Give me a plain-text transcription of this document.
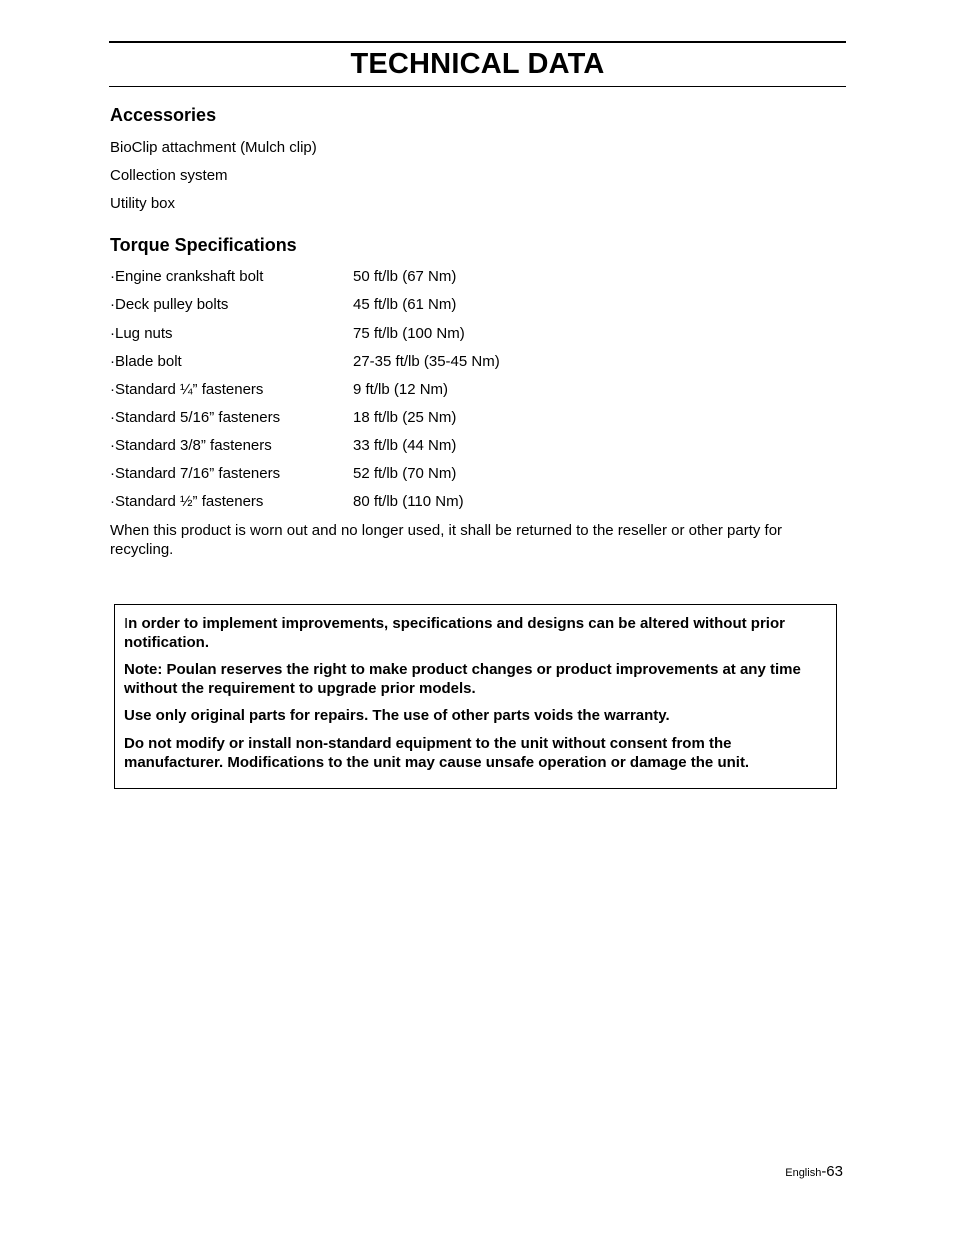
TECHNICAL DATA
Accessories

BioClip attachment (Mulch clip)

Collection system

Utility box

Torque Specifications
·Engine crankshaft bolt	50 ft/lb (67 Nm)
·Deck pulley bolts	45 ft/lb (61 Nm)
·Lug nuts	75 ft/lb (100 Nm)
·Blade bolt	27-35 ft/lb (35-45 Nm)
·Standard ¼” fasteners	9 ft/lb (12 Nm)
·Standard 5/16” fasteners	18 ft/lb (25 Nm)
·Standard 3/8” fasteners	33 ft/lb (44 Nm)
·Standard 7/16” fasteners	52 ft/lb (70 Nm)
·Standard ½” fasteners	80 ft/lb (110 Nm)

When this product is worn out and no longer used, it shall be returned to the reseller or other party for recycling.

In order to implement improvements, specifications and designs can be altered without prior notification.

Note: Poulan reserves the right to make product changes or product improvements at any time without the requirement to upgrade prior models.

Use only original parts for repairs. The use of other parts voids the warranty.

Do not modify or install non-standard equipment to the unit without consent from the manufacturer. Modifications to the unit may cause unsafe operation or damage the unit.

English-63
